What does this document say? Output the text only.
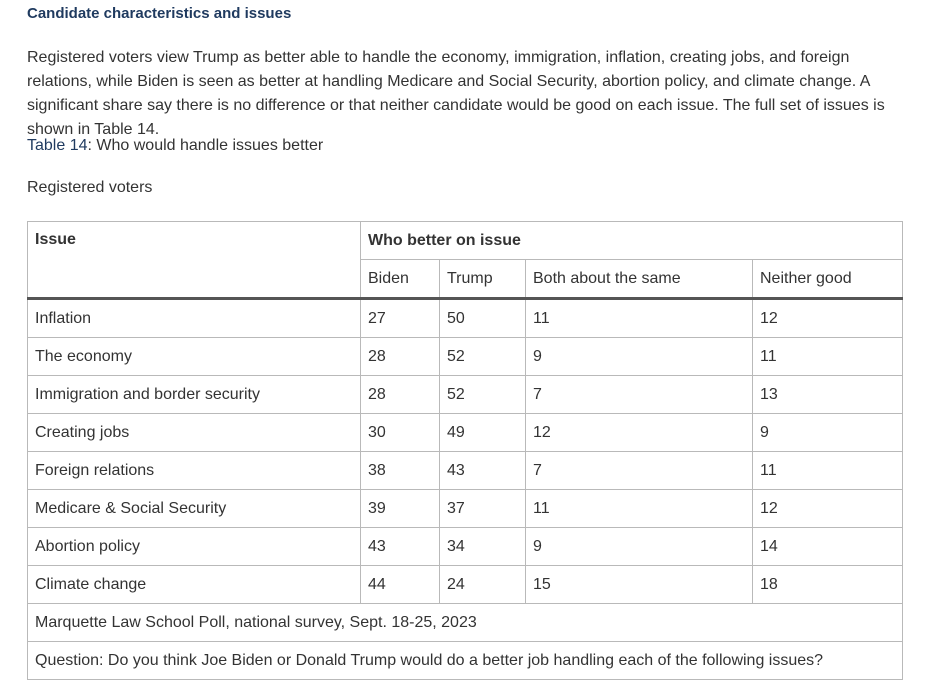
Candidate characteristics and issues

Registered voters view Trump as better able to handle the economy, immigration, inflation, creating jobs, and foreign relations, while Biden is seen as better at handling Medicare and Social Security, abortion policy, and climate change. A significant share say there is no difference or that neither candidate would be good on each issue. The full set of issues is shown in Table 14.

Table 14: Who would handle issues better

Registered voters

Issue	Who better on issue			
	Biden	Trump	Both about the same	Neither good
Inflation	27	50	11	12
The economy	28	52	9	11
Immigration and border security	28	52	7	13
Creating jobs	30	49	12	9
Foreign relations	38	43	7	11
Medicare & Social Security	39	37	11	12
Abortion policy	43	34	9	14
Climate change	44	24	15	18
Marquette Law School Poll, national survey, Sept. 18-25, 2023				
Question: Do you think Joe Biden or Donald Trump would do a better job handling each of the following issues?				
